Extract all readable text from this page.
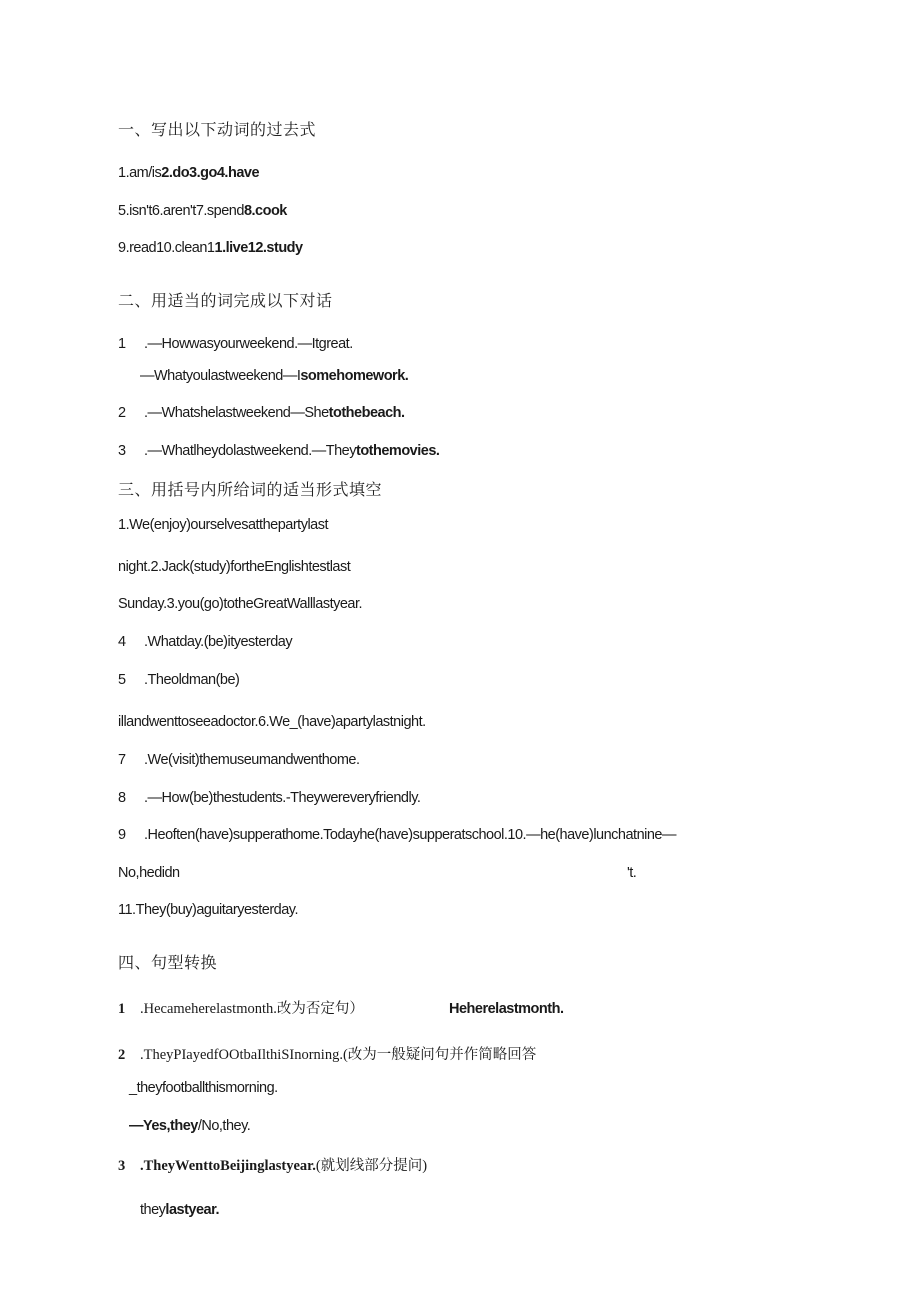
一、写出以下动词的过去式
1.am/is2.do3.go4.have
5.isn't6.aren't7.spend8.cook
9.read10.clean11.live12.study
二、用适当的词完成以下对话
1 .—Howwasyourweekend.—Itgreat.
—Whatyoulastweekend—Isomehomework.
2 .—Whatshelastweekend—Shetothebeach.
3 .—Whatlheydolastweekend.—Theytothemovies.
三、用括号内所给词的适当形式填空
1.We(enjoy)ourselvesatthepartylast
night.2.Jack(study)fortheEnglishtestlast
Sunday.3.you(go)totheGreatWalllastyear.
4 .Whatday.(be)ityesterday
5 .Theoldman(be)
illandwenttoseeadoctor.6.We_(have)apartylastnight.
7 .We(visit)themuseumandwenthome.
8 .—How(be)thestudents.-Theywereveryfriendly.
9 .Heoften(have)supperathome.Todayhe(have)supperatschool.10.—he(have)lunchatnine—
No,hedidn	't.
11.They(buy)aguitaryesterday.
四、句型转换
1 .Hecameherelastmonth.改为否定句）	Heherelastmonth.
2 .TheyPIayedfOOtbaIlthiSInorning.(改为一般疑问句并作简略回答
_theyfootballthismorning.
—Yes,they/No,they.
3 .TheyWenttoBeijinglastyear.(就划线部分提问)
theylastyear.
